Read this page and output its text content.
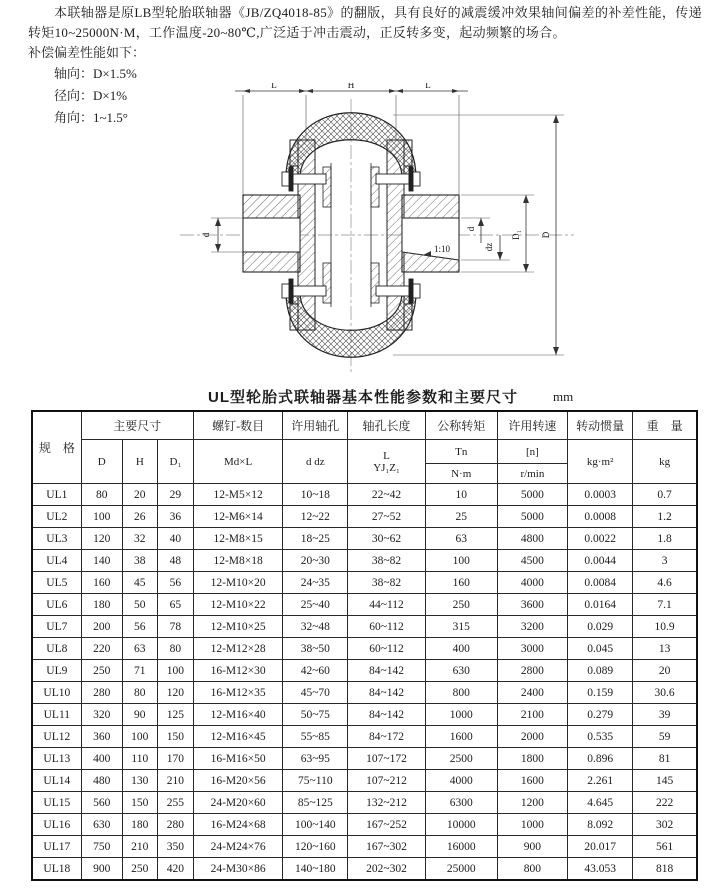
本联轴器是原LB型轮胎联轴器《JB/ZQ4018-85》的翻版，具有良好的减震缓冲效果轴间偏差的补差性能，传递转矩10~25000N·M，工作温度-20~80℃,广泛适于冲击震动，正反转多变，起动频繁的场合。

补偿偏差性能如下：

轴向：D×1.5%
径向：D×1%
角向：1~1.5°
L	H	L
d
d
dz
D₁ D
1:10
UL型轮胎式联轴器基本性能参数和主要尺寸	mm
规　格	主要尺寸			螺钉-数目	许用轴孔	轴孔长度	公称转矩	许用转速	转动惯量	重　量
	D	H	D₁	Md×L	d dz	L
YJ₁Z₁	Tn	[n]	kg·m²	kg
							N·m	r/min		
UL1	80	20	29	12-M5×12	10~18	22~42	10	5000	0.0003	0.7
UL2	100	26	36	12-M6×14	12~22	27~52	25	5000	0.0008	1.2
UL3	120	32	40	12-M8×15	18~25	30~62	63	4800	0.0022	1.8
UL4	140	38	48	12-M8×18	20~30	38~82	100	4500	0.0044	3
UL5	160	45	56	12-M10×20	24~35	38~82	160	4000	0.0084	4.6
UL6	180	50	65	12-M10×22	25~40	44~112	250	3600	0.0164	7.1
UL7	200	56	78	12-M10×25	32~48	60~112	315	3200	0.029	10.9
UL8	220	63	80	12-M12×28	38~50	60~112	400	3000	0.045	13
UL9	250	71	100	16-M12×30	42~60	84~142	630	2800	0.089	20
UL10	280	80	120	16-M12×35	45~70	84~142	800	2400	0.159	30.6
UL11	320	90	125	12-M16×40	50~75	84~142	1000	2100	0.279	39
UL12	360	100	150	12-M16×45	55~85	84~172	1600	2000	0.535	59
UL13	400	110	170	16-M16×50	63~95	107~172	2500	1800	0.896	81
UL14	480	130	210	16-M20×56	75~110	107~212	4000	1600	2.261	145
UL15	560	150	255	24-M20×60	85~125	132~212	6300	1200	4.645	222
UL16	630	180	280	16-M24×68	100~140	167~252	10000	1000	8.092	302
UL17	750	210	350	24-M24×76	120~160	167~302	16000	900	20.017	561
UL18	900	250	420	24-M30×86	140~180	202~302	25000	800	43.053	818
